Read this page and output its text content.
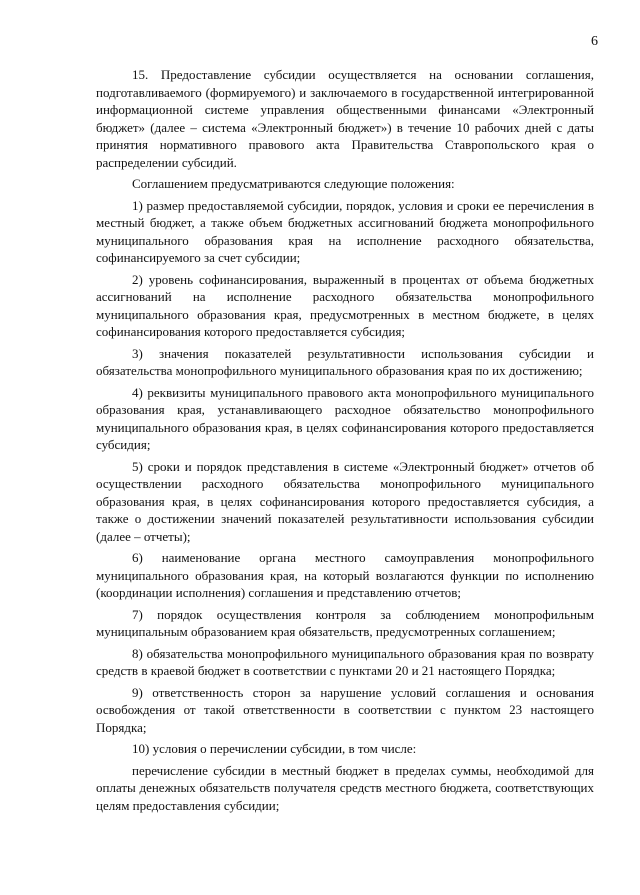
6

15. Предоставление субсидии осуществляется на основании соглашения, подготавливаемого (формируемого) и заключаемого в государственной интегрированной информационной системе управления общественными финансами «Электронный бюджет» (далее – система «Электронный бюджет») в течение 10 рабочих дней с даты принятия нормативного правового акта Правительства Ставропольского края о распределении субсидий.

Соглашением предусматриваются следующие положения:

1) размер предоставляемой субсидии, порядок, условия и сроки ее перечисления в местный бюджет, а также объем бюджетных ассигнований бюджета монопрофильного муниципального образования края на исполнение расходного обязательства, софинансируемого за счет субсидии;

2) уровень софинансирования, выраженный в процентах от объема бюджетных ассигнований на исполнение расходного обязательства монопрофильного муниципального образования края, предусмотренных в местном бюджете, в целях софинансирования которого предоставляется субсидия;

3) значения показателей результативности использования субсидии и обязательства монопрофильного муниципального образования края по их достижению;

4) реквизиты муниципального правового акта монопрофильного муниципального образования края, устанавливающего расходное обязательство монопрофильного муниципального образования края, в целях софинансирования которого предоставляется субсидия;

5) сроки и порядок представления в системе «Электронный бюджет» отчетов об осуществлении расходного обязательства монопрофильного муниципального образования края, в целях софинансирования которого предоставляется субсидия, а также о достижении значений показателей результативности использования субсидии (далее – отчеты);

6) наименование органа местного самоуправления монопрофильного муниципального образования края, на который возлагаются функции по исполнению (координации исполнения) соглашения и представлению отчетов;

7) порядок осуществления контроля за соблюдением монопрофильным муниципальным образованием края обязательств, предусмотренных соглашением;

8) обязательства монопрофильного муниципального образования края по возврату средств в краевой бюджет в соответствии с пунктами 20 и 21 настоящего Порядка;

9) ответственность сторон за нарушение условий соглашения и основания освобождения от такой ответственности в соответствии с пунктом 23 настоящего Порядка;

10) условия о перечислении субсидии, в том числе:

перечисление субсидии в местный бюджет в пределах суммы, необходимой для оплаты денежных обязательств получателя средств местного бюджета, соответствующих целям предоставления субсидии;
